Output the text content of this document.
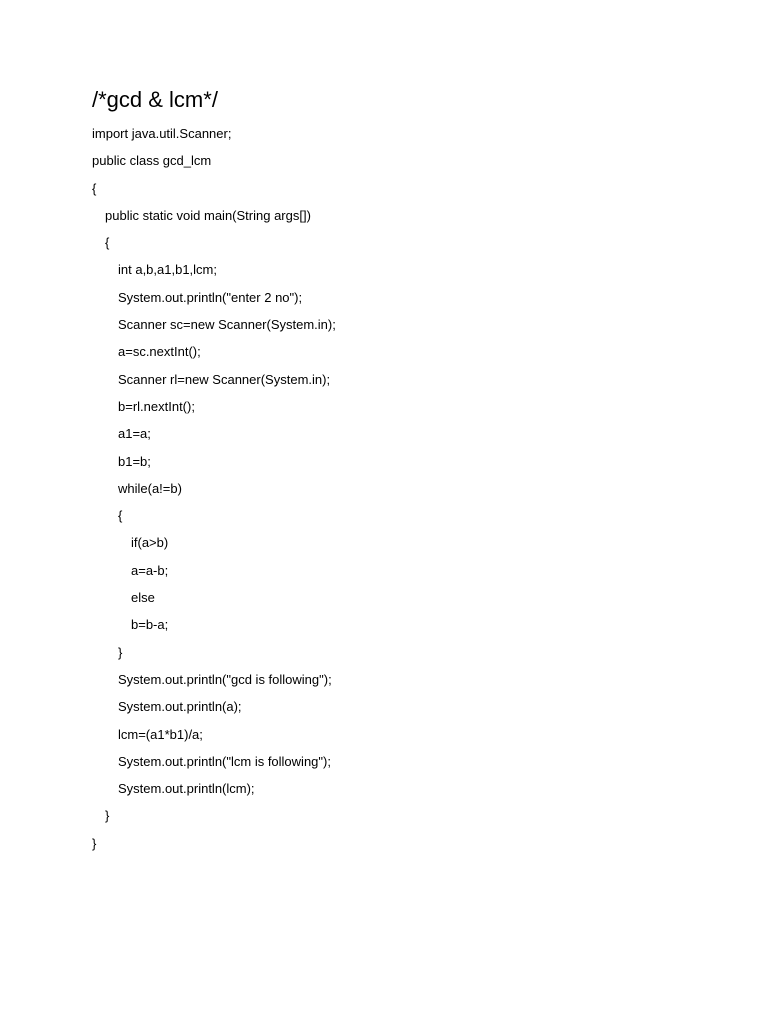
/*gcd & lcm*/
import java.util.Scanner;
public class gcd_lcm
{
public static void main(String args[])
{
int a,b,a1,b1,lcm;
System.out.println("enter 2 no");
Scanner sc=new Scanner(System.in);
a=sc.nextInt();
Scanner rl=new Scanner(System.in);
b=rl.nextInt();
a1=a;
b1=b;
while(a!=b)
{
if(a>b)
a=a-b;
else
b=b-a;
}
System.out.println("gcd is following");
System.out.println(a);
lcm=(a1*b1)/a;
System.out.println("lcm is following");
System.out.println(lcm);
}
}
